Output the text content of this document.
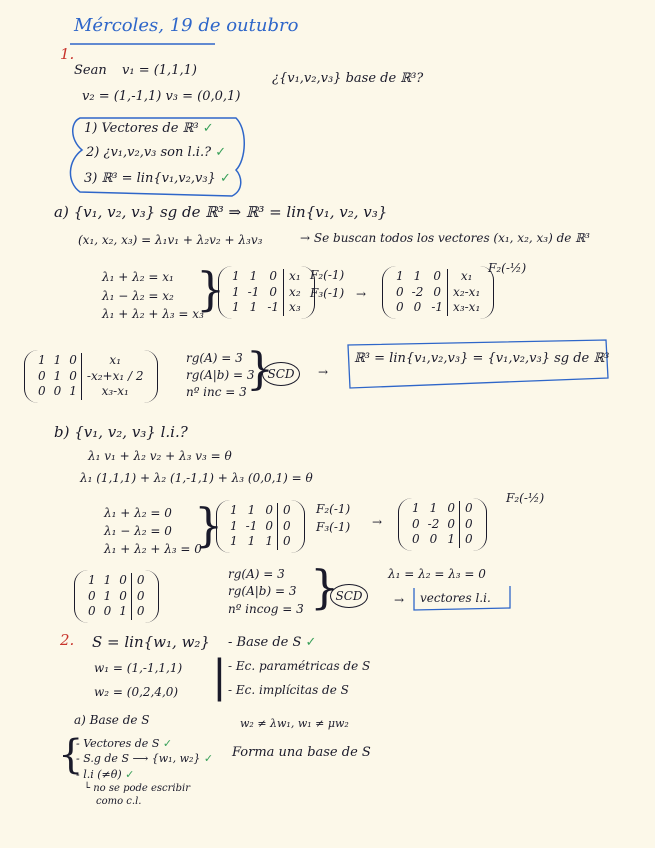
Mércoles, 19 de outubro
1.
Sean v₁ = (1,1,1)
v₂ = (1,-1,1) v₃ = (0,0,1)
¿{v₁,v₂,v₃} base de ℝ³?
1) Vectores de ℝ³ ✓
2) ¿v₁,v₂,v₃ son l.i.? ✓
3) ℝ³ = lin{v₁,v₂,v₃} ✓
a) {v₁, v₂, v₃} sg de ℝ³ ⇒ ℝ³ = lin{v₁, v₂, v₃}
(x₁, x₂, x₃) = λ₁v₁ + λ₂v₂ + λ₃v₃	→ Se buscan todos los vectores (x₁, x₂, x₃) de ℝ³
λ₁ + λ₂ = x₁
λ₁ − λ₂ = x₂
λ₁ + λ₂ + λ₃ = x₃
} 1	1	0	x₁
1	-1	0	x₂
1	1	-1	x₃
F₂(-1)
F₃(-1) →
1	1	0	x₁
0	-2	0	x₂-x₁
0	0	-1	x₃-x₁
F₂(-½)
1	1	0	x₁
0	1	0	-x₂+x₁ / 2
0	0	1	x₃-x₁
rg(A) = 3
rg(A|b) = 3
nº inc = 3 }
SCD	→
ℝ³ = lin{v₁,v₂,v₃} = {v₁,v₂,v₃} sg de ℝ³
b) {v₁, v₂, v₃} l.i.?
λ₁ v₁ + λ₂ v₂ + λ₃ v₃ = θ
λ₁ (1,1,1) + λ₂ (1,-1,1) + λ₃ (0,0,1) = θ
λ₁ + λ₂ = 0
λ₁ − λ₂ = 0
λ₁ + λ₂ + λ₃ = 0
} 1	1	0	0
1	-1	0	0
1	1	1	0
F₂(-1)
F₃(-1) →
1	1	0	0
0	-2	0	0
0	0	1	0
F₂(-½)
1	1	0	0
0	1	0	0
0	0	1	0
rg(A) = 3
rg(A|b) = 3
nº incog = 3 }
SCD
λ₁ = λ₂ = λ₃ = 0
→ vectores l.i.
2. S = lin{w₁, w₂}
w₁ = (1,-1,1,1)
w₂ = (0,2,4,0) |
- Base de S ✓
- Ec. paramétricas de S
- Ec. implícitas de S
a) Base de S
{
- Vectores de S ✓
- S.g de S ⟶ {w₁, w₂} ✓
- l.i (≠θ) ✓
└ no se pode escribir
como c.l.
w₂ ≠ λw₁, w₁ ≠ μw₂
Forma una base de S
